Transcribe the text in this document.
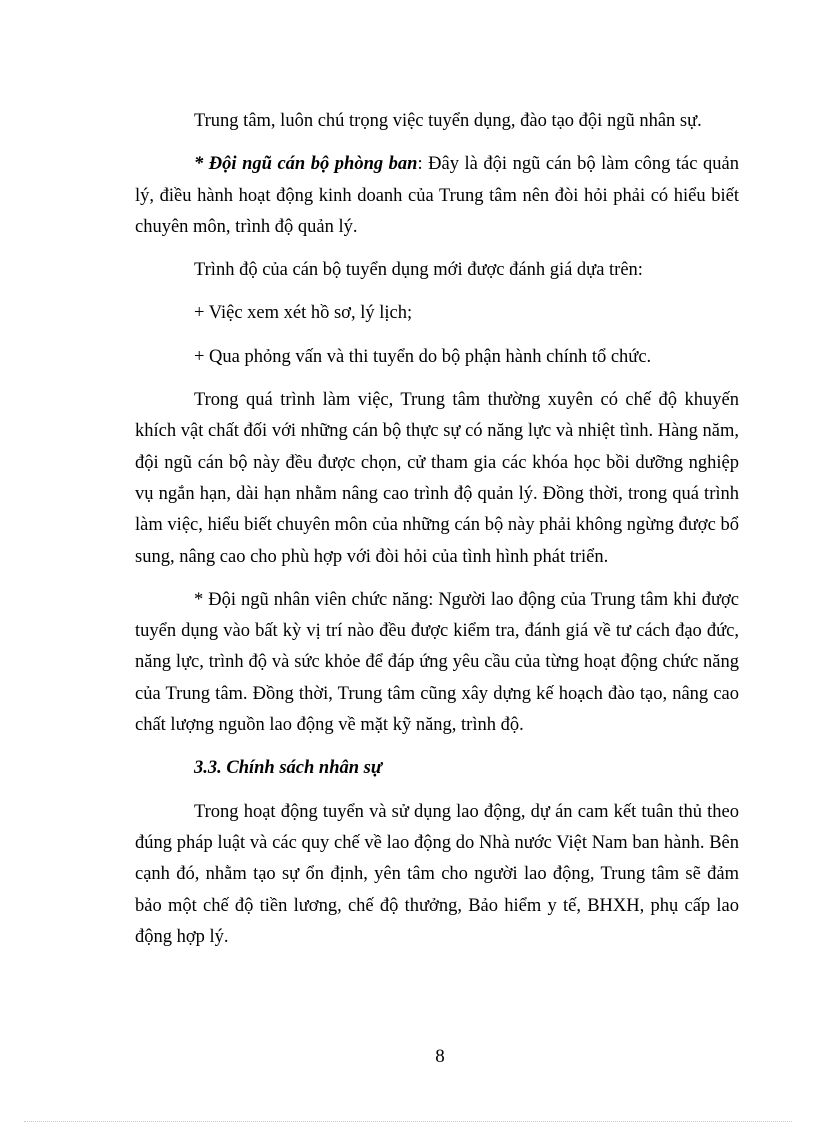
Trung tâm, luôn chú trọng việc tuyển dụng, đào tạo đội ngũ nhân sự.

* Đội ngũ cán bộ phòng ban: Đây là đội ngũ cán bộ làm công tác quản lý, điều hành hoạt động kinh doanh của Trung tâm nên đòi hỏi phải có hiểu biết chuyên môn, trình độ quản lý.

Trình độ của cán bộ tuyển dụng mới được đánh giá dựa trên:

+ Việc xem xét hồ sơ, lý lịch;

+ Qua phỏng vấn và thi tuyển do bộ phận hành chính tổ chức.

Trong quá trình làm việc, Trung tâm thường xuyên có chế độ khuyến khích vật chất đối với những cán bộ thực sự có năng lực và nhiệt tình. Hàng năm, đội ngũ cán bộ này đều được chọn, cử tham gia các khóa học bồi dưỡng nghiệp vụ ngắn hạn, dài hạn nhằm nâng cao trình độ quản lý. Đồng thời, trong quá trình làm việc, hiểu biết chuyên môn của những cán bộ này phải không ngừng được bổ sung, nâng cao cho phù hợp với đòi hỏi của tình hình phát triển.

* Đội ngũ nhân viên chức năng: Người lao động của Trung tâm khi được tuyển dụng vào bất kỳ vị trí nào đều được kiểm tra, đánh giá về tư cách đạo đức, năng lực, trình độ và sức khỏe để đáp ứng yêu cầu của từng hoạt động chức năng của Trung tâm. Đồng thời, Trung tâm cũng xây dựng kế hoạch đào tạo, nâng cao chất lượng nguồn lao động về mặt kỹ năng, trình độ.

3.3. Chính sách nhân sự

Trong hoạt động tuyển và sử dụng lao động, dự án cam kết tuân thủ theo đúng pháp luật và các quy chế về lao động do Nhà nước Việt Nam ban hành. Bên cạnh đó, nhằm tạo sự ổn định, yên tâm cho người lao động, Trung tâm sẽ đảm bảo một chế độ tiền lương, chế độ thưởng, Bảo hiểm y tế, BHXH, phụ cấp lao động hợp lý.

8
